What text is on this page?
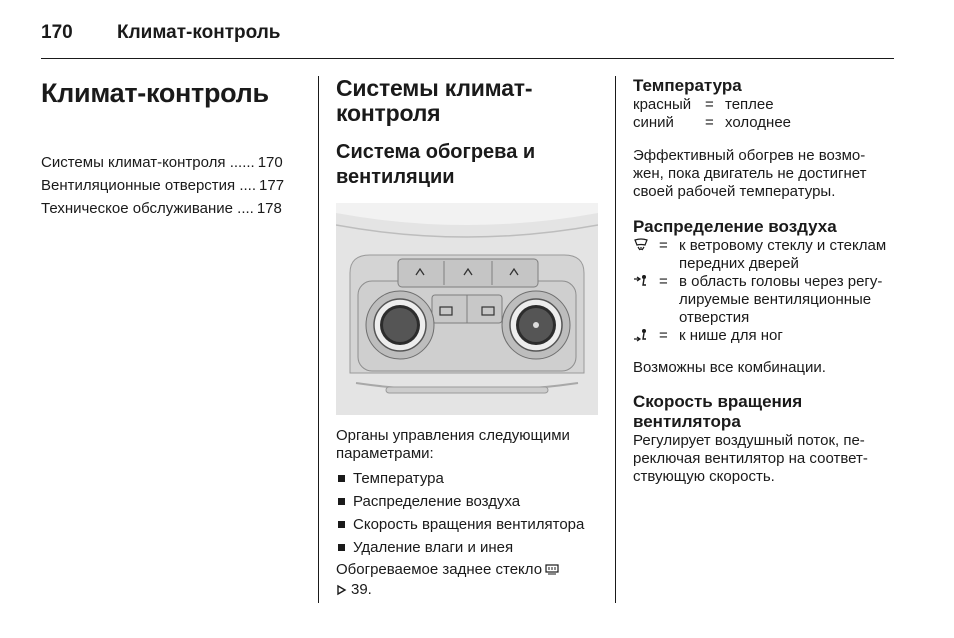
170 Климат-контроль
Климат-контроль
Системы климат-контроля ...... 170
Вентиляционные отверстия .... 177
Техническое обслуживание .... 178
Системы климат-
контроля
Система обогрева и
вентиляции
Органы управления следующими
параметрами:
Температура
Распределение воздуха
Скорость вращения вентилятора
Удаление влаги и инея
Обогреваемое заднее стекло
39.
Температура
красный = теплее
синий	= холоднее
Эффективный обогрев не возмо-
жен, пока двигатель не достигнет
своей рабочей температуры.
Распределение воздуха
= к ветровому стеклу и стеклам
передних дверей
= в область головы через регу-
лируемые вентиляционные
отверстия
= к нише для ног
Возможны все комбинации.
Скорость вращения
вентилятора
Регулирует воздушный поток, пе-
реключая вентилятор на соответ-
ствующую скорость.
